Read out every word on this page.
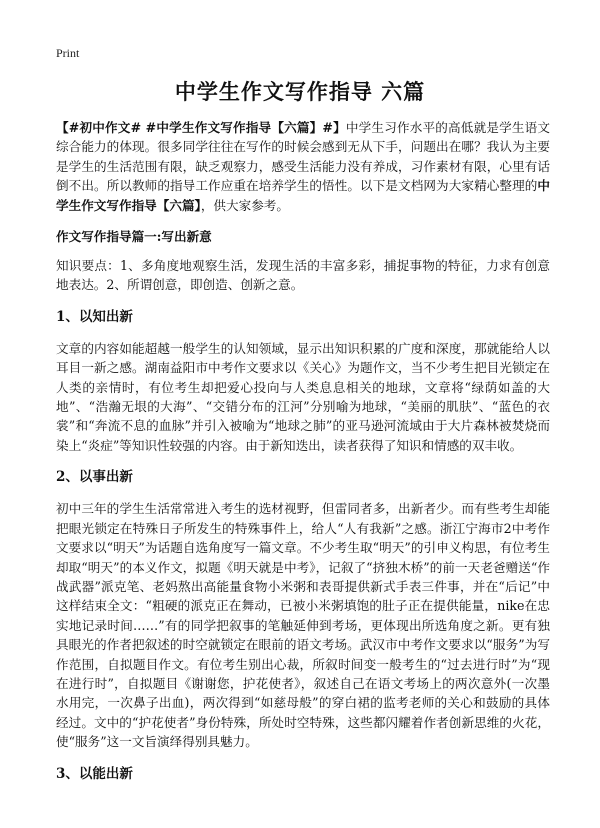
Print
中学生作文写作指导 六篇

【#初中作文# #中学生作文写作指导【六篇】#】中学生习作水平的高低就是学生语文综合能力的体现。很多同学往往在写作的时候会感到无从下手，问题出在哪？我认为主要是学生的生活范围有限，缺乏观察力，感受生活能力没有养成，习作素材有限，心里有话倒不出。所以教师的指导工作应重在培养学生的悟性。以下是文档网为大家精心整理的中学生作文写作指导【六篇】，供大家参考。

作文写作指导篇一:写出新意

知识要点：1、多角度地观察生活，发现生活的丰富多彩，捕捉事物的特征，力求有创意地表达。2、所谓创意，即创造、创新之意。

1、以知出新

文章的内容如能超越一般学生的认知领域，显示出知识积累的广度和深度，那就能给人以耳目一新之感。湖南益阳市中考作文要求以《关心》为题作文，当不少考生把目光锁定在人类的亲情时，有位考生却把爱心投向与人类息息相关的地球，文章将“绿荫如盖的大地”、“浩瀚无垠的大海”、“交错分布的江河”分别喻为地球，“美丽的肌肤”、“蓝色的衣裳”和“奔流不息的血脉”并引入被喻为“地球之肺”的亚马逊河流域由于大片森林被焚烧而染上“炎症”等知识性较强的内容。由于新知迭出，读者获得了知识和情感的双丰收。

2、以事出新

初中三年的学生生活常常进入考生的选材视野，但雷同者多，出新者少。而有些考生却能把眼光锁定在特殊日子所发生的特殊事件上，给人“人有我新”之感。浙江宁海市2中考作文要求以“明天”为话题自选角度写一篇文章。不少考生取“明天”的引申义构思，有位考生却取“明天”的本义作文，拟题《明天就是中考》，记叙了“挤独木桥”的前一天老爸赠送“作战武器”派克笔、老妈熬出高能量食物小米粥和表哥提供新式手表三件事，并在“后记”中这样结束全文：“粗硬的派克正在舞动，已被小米粥填饱的肚子正在提供能量，nike在忠实地记录时间……”有的同学把叙事的笔触延伸到考场，更体现出所选角度之新。更有独具眼光的作者把叙述的时空就锁定在眼前的语文考场。武汉市中考作文要求以“服务”为写作范围，自拟题目作文。有位考生别出心裁，所叙时间变一般考生的“过去进行时”为“现在进行时”，自拟题目《谢谢您，护花使者》，叙述自己在语文考场上的两次意外(一次墨水用完，一次鼻子出血)，两次得到“如慈母般”的穿白裙的监考老师的关心和鼓励的具体经过。文中的“护花使者”身份特殊，所处时空特殊，这些都闪耀着作者创新思维的火花，使“服务”这一文旨演绎得别具魅力。

3、以能出新
